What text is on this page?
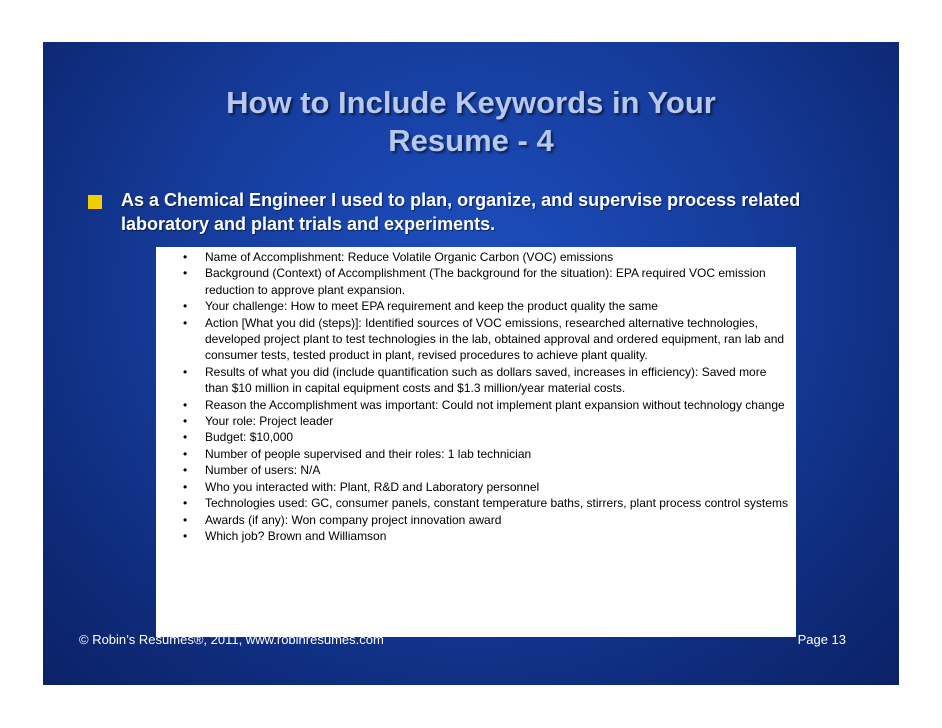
How to Include Keywords in Your
Resume - 4
As a Chemical Engineer I used to plan, organize, and supervise process related laboratory and plant trials and experiments.
• Name of Accomplishment: Reduce Volatile Organic Carbon (VOC) emissions
• Background (Context) of Accomplishment (The background for the situation): EPA required VOC emission reduction to approve plant expansion.
• Your challenge: How to meet EPA requirement and keep the product quality the same
• Action [What you did (steps)]: Identified sources of VOC emissions, researched alternative technologies, developed project plant to test technologies in the lab, obtained approval and ordered equipment, ran lab and consumer tests, tested product in plant, revised procedures to achieve plant quality.
• Results of what you did (include quantification such as dollars saved, increases in efficiency): Saved more than $10 million in capital equipment costs and $1.3 million/year material costs.
• Reason the Accomplishment was important: Could not implement plant expansion without technology change
• Your role: Project leader
• Budget: $10,000
• Number of people supervised and their roles: 1 lab technician
• Number of users: N/A
• Who you interacted with: Plant, R&D and Laboratory personnel
• Technologies used: GC, consumer panels, constant temperature baths, stirrers, plant process control systems
• Awards (if any): Won company project innovation award
• Which job? Brown and Williamson
© Robin’s Resumes®, 2011, www.robinresumes.com	Page 13
